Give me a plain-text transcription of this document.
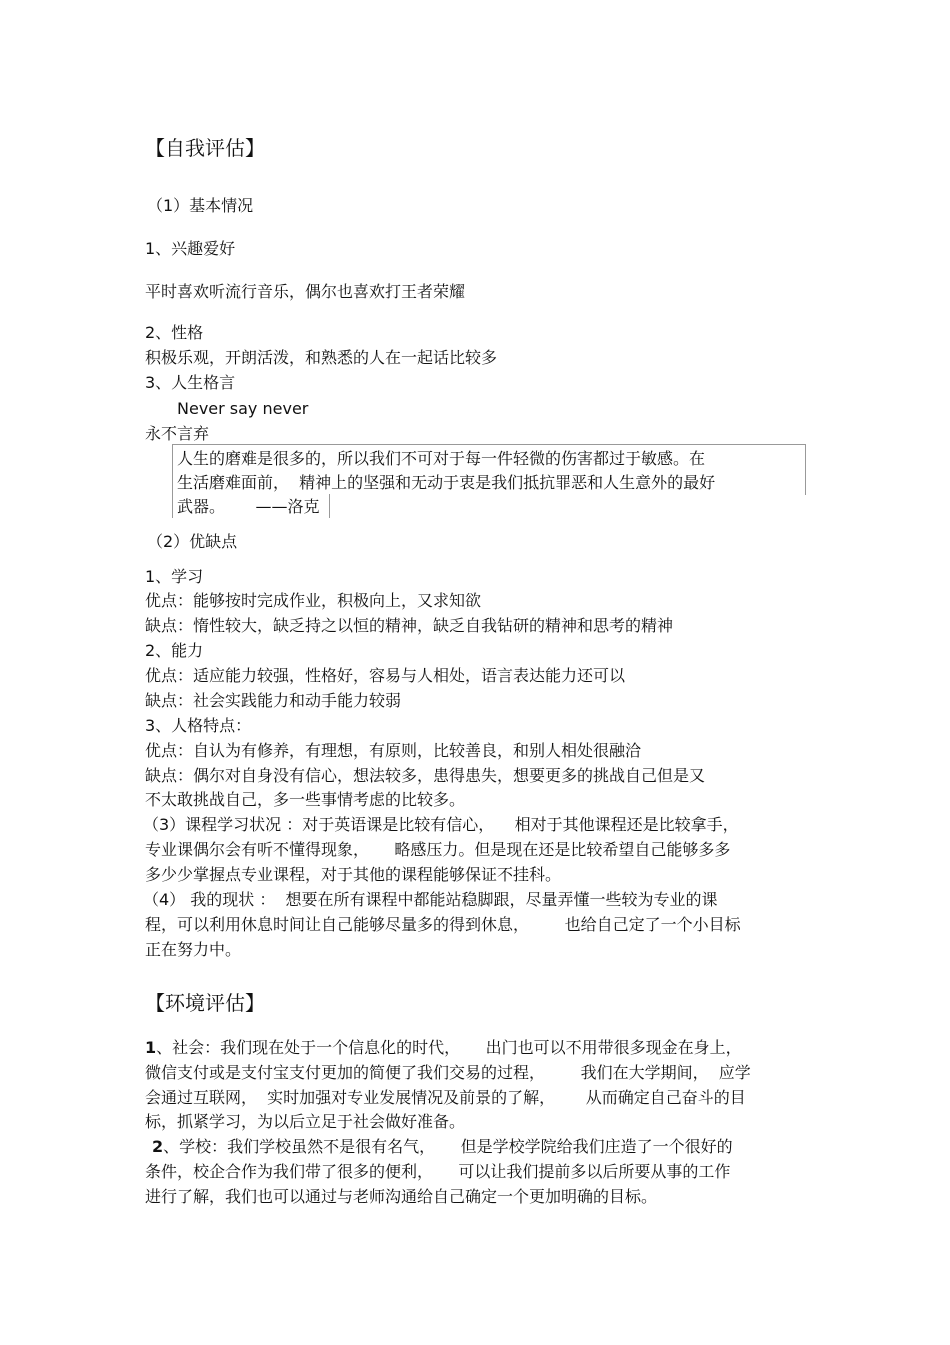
【自我评估】
（1）基本情况
1、兴趣爱好
平时喜欢听流行音乐，偶尔也喜欢打王者荣耀
2、性格
积极乐观，开朗活泼，和熟悉的人在一起话比较多
3、人生格言
Never say never
永不言弃
人生的磨难是很多的，所以我们不可对于每一件轻微的伤害都过于敏感。在
生活磨难面前，  精神上的坚强和无动于衷是我们抵抗罪恶和人生意外的最好
武器。      ——洛克
（2）优缺点
1、学习
优点：能够按时完成作业，积极向上，又求知欲
缺点：惰性较大，缺乏持之以恒的精神，缺乏自我钻研的精神和思考的精神
2、能力
优点：适应能力较强，性格好，容易与人相处，语言表达能力还可以
缺点：社会实践能力和动手能力较弱
3、人格特点：
优点：自认为有修养，有理想，有原则，比较善良，和别人相处很融洽
缺点：偶尔对自身没有信心，想法较多，患得患失，想要更多的挑战自己但是又
不太敢挑战自己，多一些事情考虑的比较多。
（3）课程学习状况 ：对于英语课是比较有信心，    相对于其他课程还是比较拿手，
专业课偶尔会有听不懂得现象，     略感压力。但是现在还是比较希望自己能够多多
多少少掌握点专业课程，对于其他的课程能够保证不挂科。
（4） 我的现状 ：  想要在所有课程中都能站稳脚跟，尽量弄懂一些较为专业的课
程，可以利用休息时间让自己能够尽量多的得到休息，       也给自己定了一个小目标
正在努力中。
【环境评估】
1、社会：我们现在处于一个信息化的时代，     出门也可以不用带很多现金在身上，
微信支付或是支付宝支付更加的简便了我们交易的过程，       我们在大学期间，  应学
会通过互联网，  实时加强对专业发展情况及前景的了解，      从而确定自己奋斗的目
标，抓紧学习，为以后立足于社会做好准备。
2、学校：我们学校虽然不是很有名气，     但是学校学院给我们庄造了一个很好的
条件，校企合作为我们带了很多的便利，     可以让我们提前多以后所要从事的工作
进行了解，我们也可以通过与老师沟通给自己确定一个更加明确的目标。
